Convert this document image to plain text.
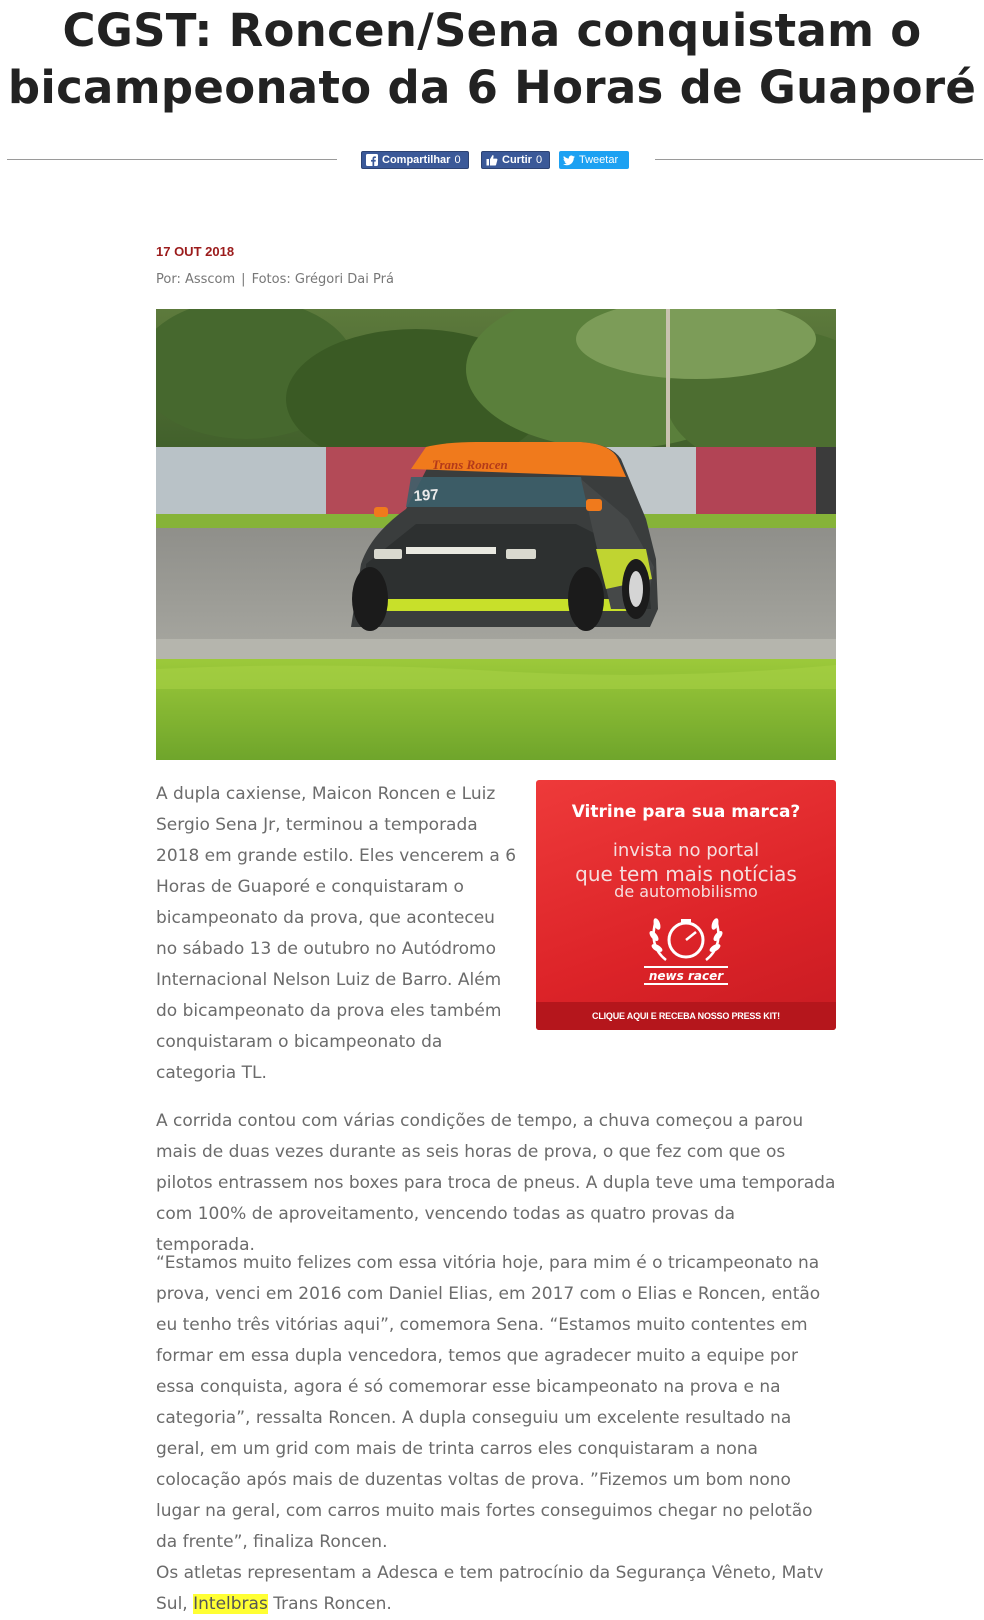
CGST: Roncen/Sena conquistam o
bicampeonato da 6 Horas de Guaporé
Compartilhar 0	Curtir 0	Tweetar
17 OUT 2018
Por: Asscom | Fotos: Grégori Dai Prá
197
Trans Roncen

A dupla caxiense, Maicon Roncen e Luiz Sergio Sena Jr, terminou a temporada 2018 em grande estilo. Eles vencerem a 6 Horas de Guaporé e conquistaram o bicampeonato da prova, que aconteceu no sábado 13 de outubro no Autódromo Internacional Nelson Luiz de Barro. Além do bicampeonato da prova eles também conquistaram o bicampeonato da categoria TL.

Vitrine para sua marca?
invista no portal
que tem mais notícias
de automobilismo
news racer
CLIQUE AQUI E RECEBA NOSSO PRESS KIT!

A corrida contou com várias condições de tempo, a chuva começou a parou mais de duas vezes durante as seis horas de prova, o que fez com que os pilotos entrassem nos boxes para troca de pneus. A dupla teve uma temporada com 100% de aproveitamento, vencendo todas as quatro provas da temporada.

“Estamos muito felizes com essa vitória hoje, para mim é o tricampeonato na prova, venci em 2016 com Daniel Elias, em 2017 com o Elias e Roncen, então eu tenho três vitórias aqui”, comemora Sena. “Estamos muito contentes em formar em essa dupla vencedora, temos que agradecer muito a equipe por essa conquista, agora é só comemorar esse bicampeonato na prova e na categoria”, ressalta Roncen. A dupla conseguiu um excelente resultado na geral, em um grid com mais de trinta carros eles conquistaram a nona colocação após mais de duzentas voltas de prova. ”Fizemos um bom nono lugar na geral, com carros muito mais fortes conseguimos chegar no pelotão da frente”, finaliza Roncen.

Os atletas representam a Adesca e tem patrocínio da Segurança Vêneto, Matv Sul, Intelbras Trans Roncen.
